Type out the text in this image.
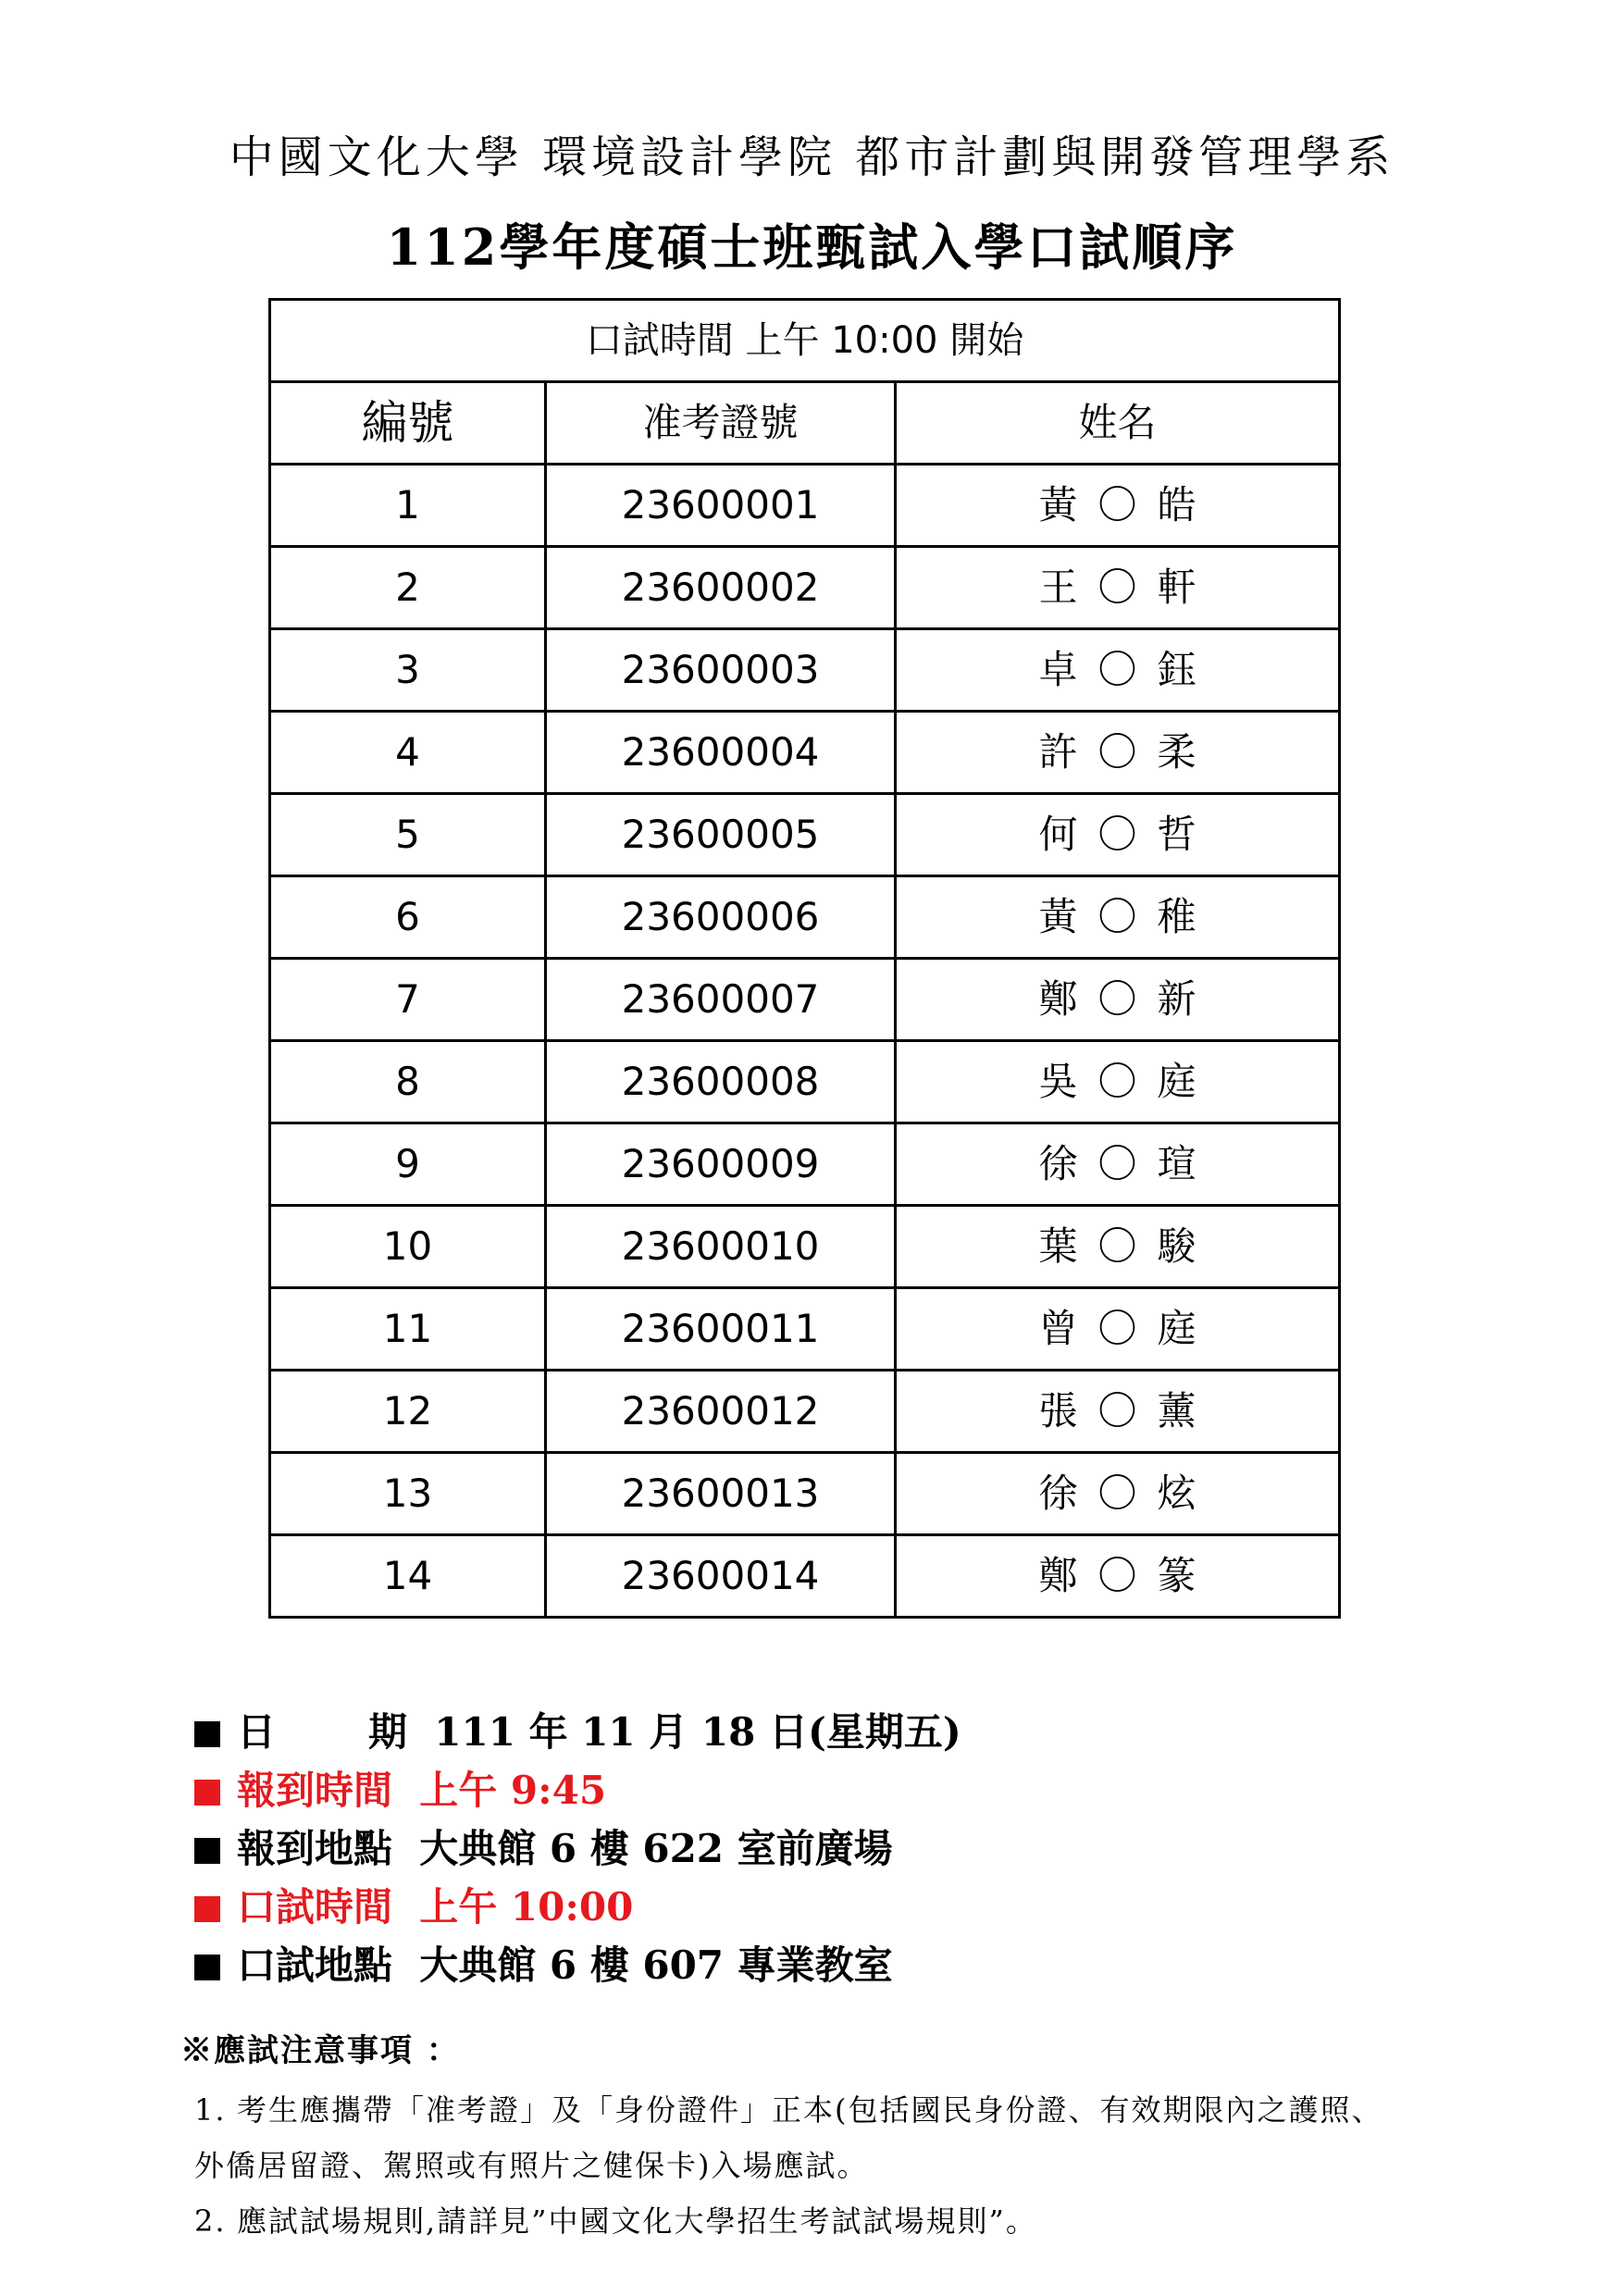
中國文化大學 環境設計學院 都市計劃與開發管理學系
112學年度碩士班甄試入學口試順序
口試時間 上午 10:00 開始		
編號	准考證號	姓名
1	23600001	黃〇皓
2	23600002	王〇軒
3	23600003	卓〇鈺
4	23600004	許〇柔
5	23600005	何〇哲
6	23600006	黃〇稚
7	23600007	鄭〇新
8	23600008	吳〇庭
9	23600009	徐〇瑄
10	23600010	葉〇駿
11	23600011	曾〇庭
12	23600012	張〇薰
13	23600013	徐〇炫
14	23600014	鄭〇篆
日 期 111 年 11 月 18 日(星期五)
報到時間 上午 9:45
報到地點 大典館 6 樓 622 室前廣場
口試時間 上午 10:00
口試地點 大典館 6 樓 607 專業教室
※應試注意事項 ：
1. 考生應攜帶「准考證」及「身份證件」正本(包括國民身份證、有效期限內之護照、
外僑居留證、駕照或有照片之健保卡)入場應試。
2. 應試試場規則,請詳見”中國文化大學招生考試試場規則”。
